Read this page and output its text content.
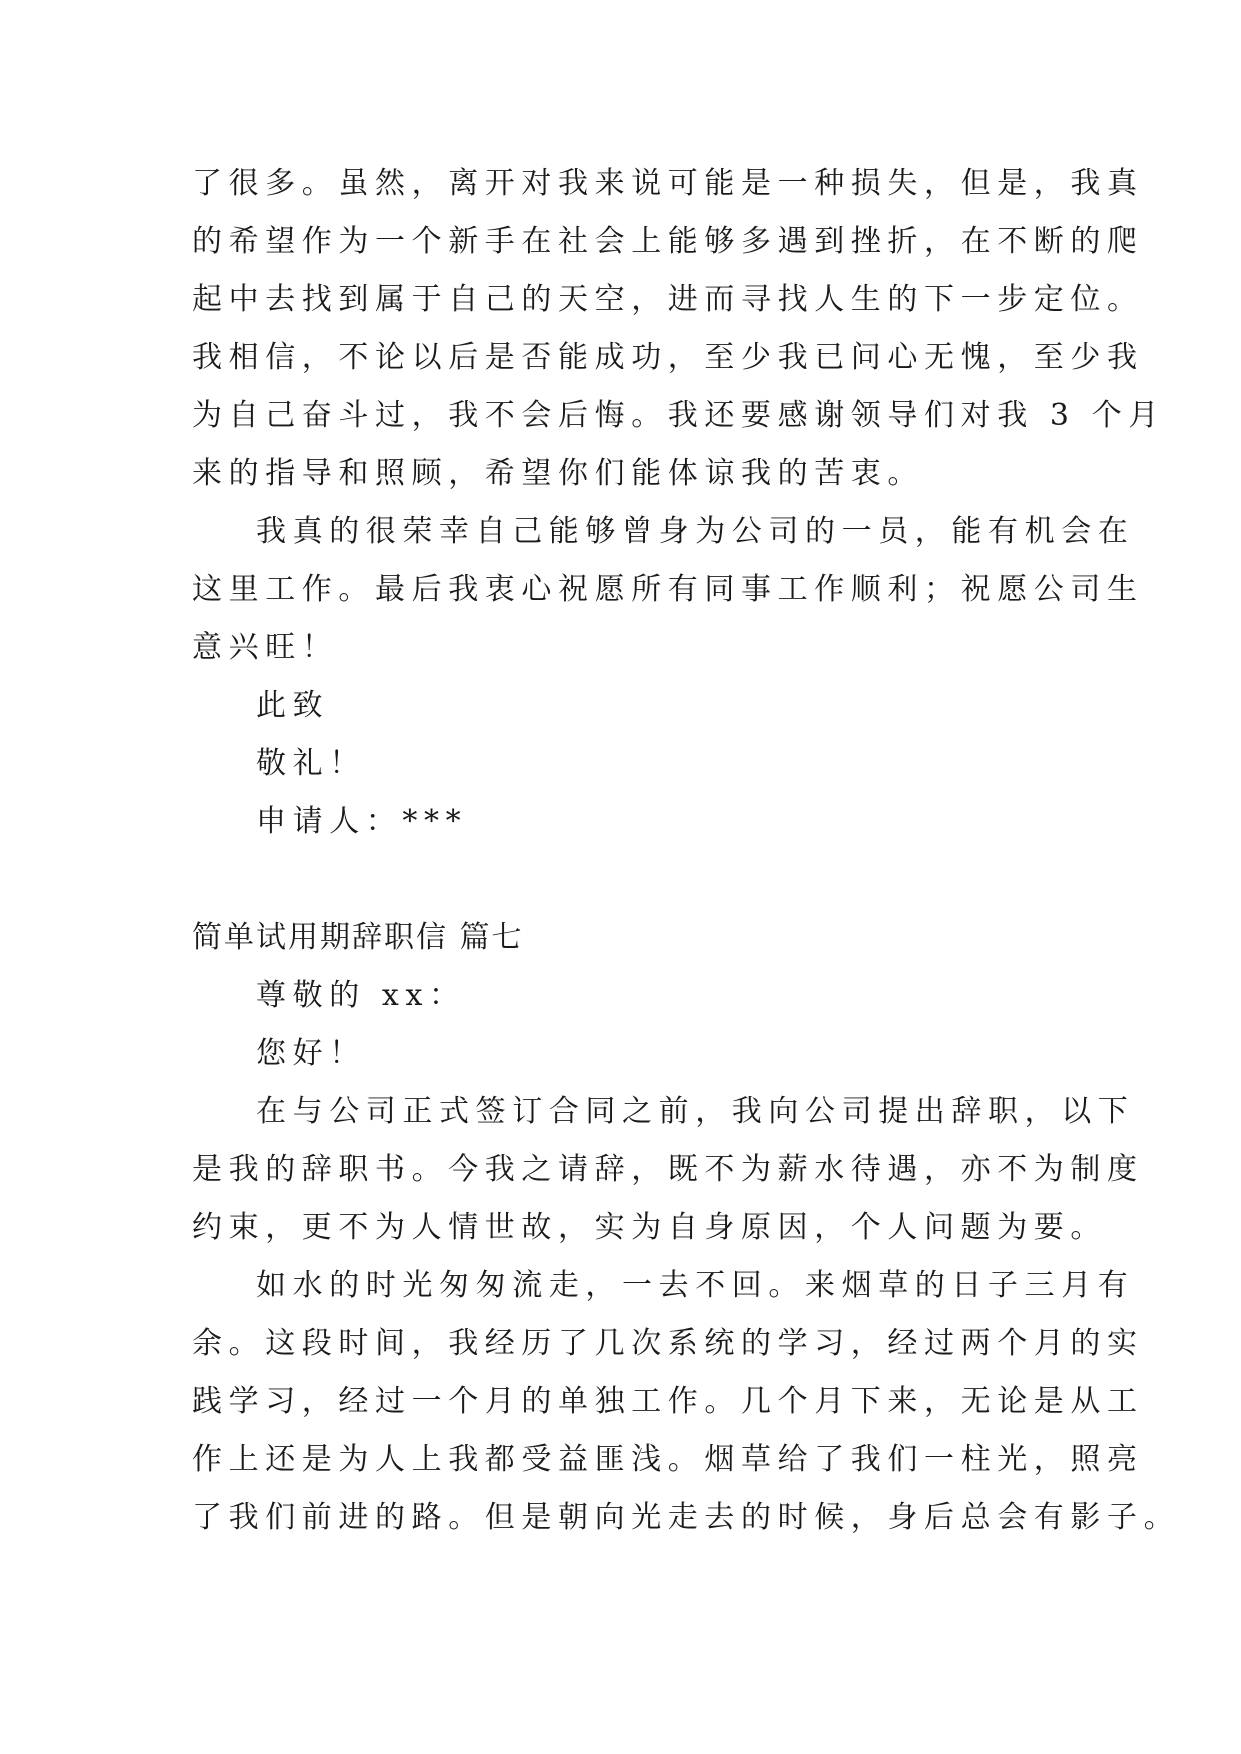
了很多。虽然，离开对我来说可能是一种损失，但是，我真
的希望作为一个新手在社会上能够多遇到挫折，在不断的爬
起中去找到属于自己的天空，进而寻找人生的下一步定位。
我相信，不论以后是否能成功，至少我已问心无愧，至少我
为自己奋斗过，我不会后悔。我还要感谢领导们对我 3 个月
来的指导和照顾，希望你们能体谅我的苦衷。
我真的很荣幸自己能够曾身为公司的一员，能有机会在
这里工作。最后我衷心祝愿所有同事工作顺利；祝愿公司生
意兴旺！
此致
敬礼！
申请人：***
简单试用期辞职信 篇七
尊敬的 xx：
您好！
在与公司正式签订合同之前，我向公司提出辞职，以下
是我的辞职书。今我之请辞，既不为薪水待遇，亦不为制度
约束，更不为人情世故，实为自身原因，个人问题为要。
如水的时光匆匆流走，一去不回。来烟草的日子三月有
余。这段时间，我经历了几次系统的学习，经过两个月的实
践学习，经过一个月的单独工作。几个月下来，无论是从工
作上还是为人上我都受益匪浅。烟草给了我们一柱光，照亮
了我们前进的路。但是朝向光走去的时候，身后总会有影子。
